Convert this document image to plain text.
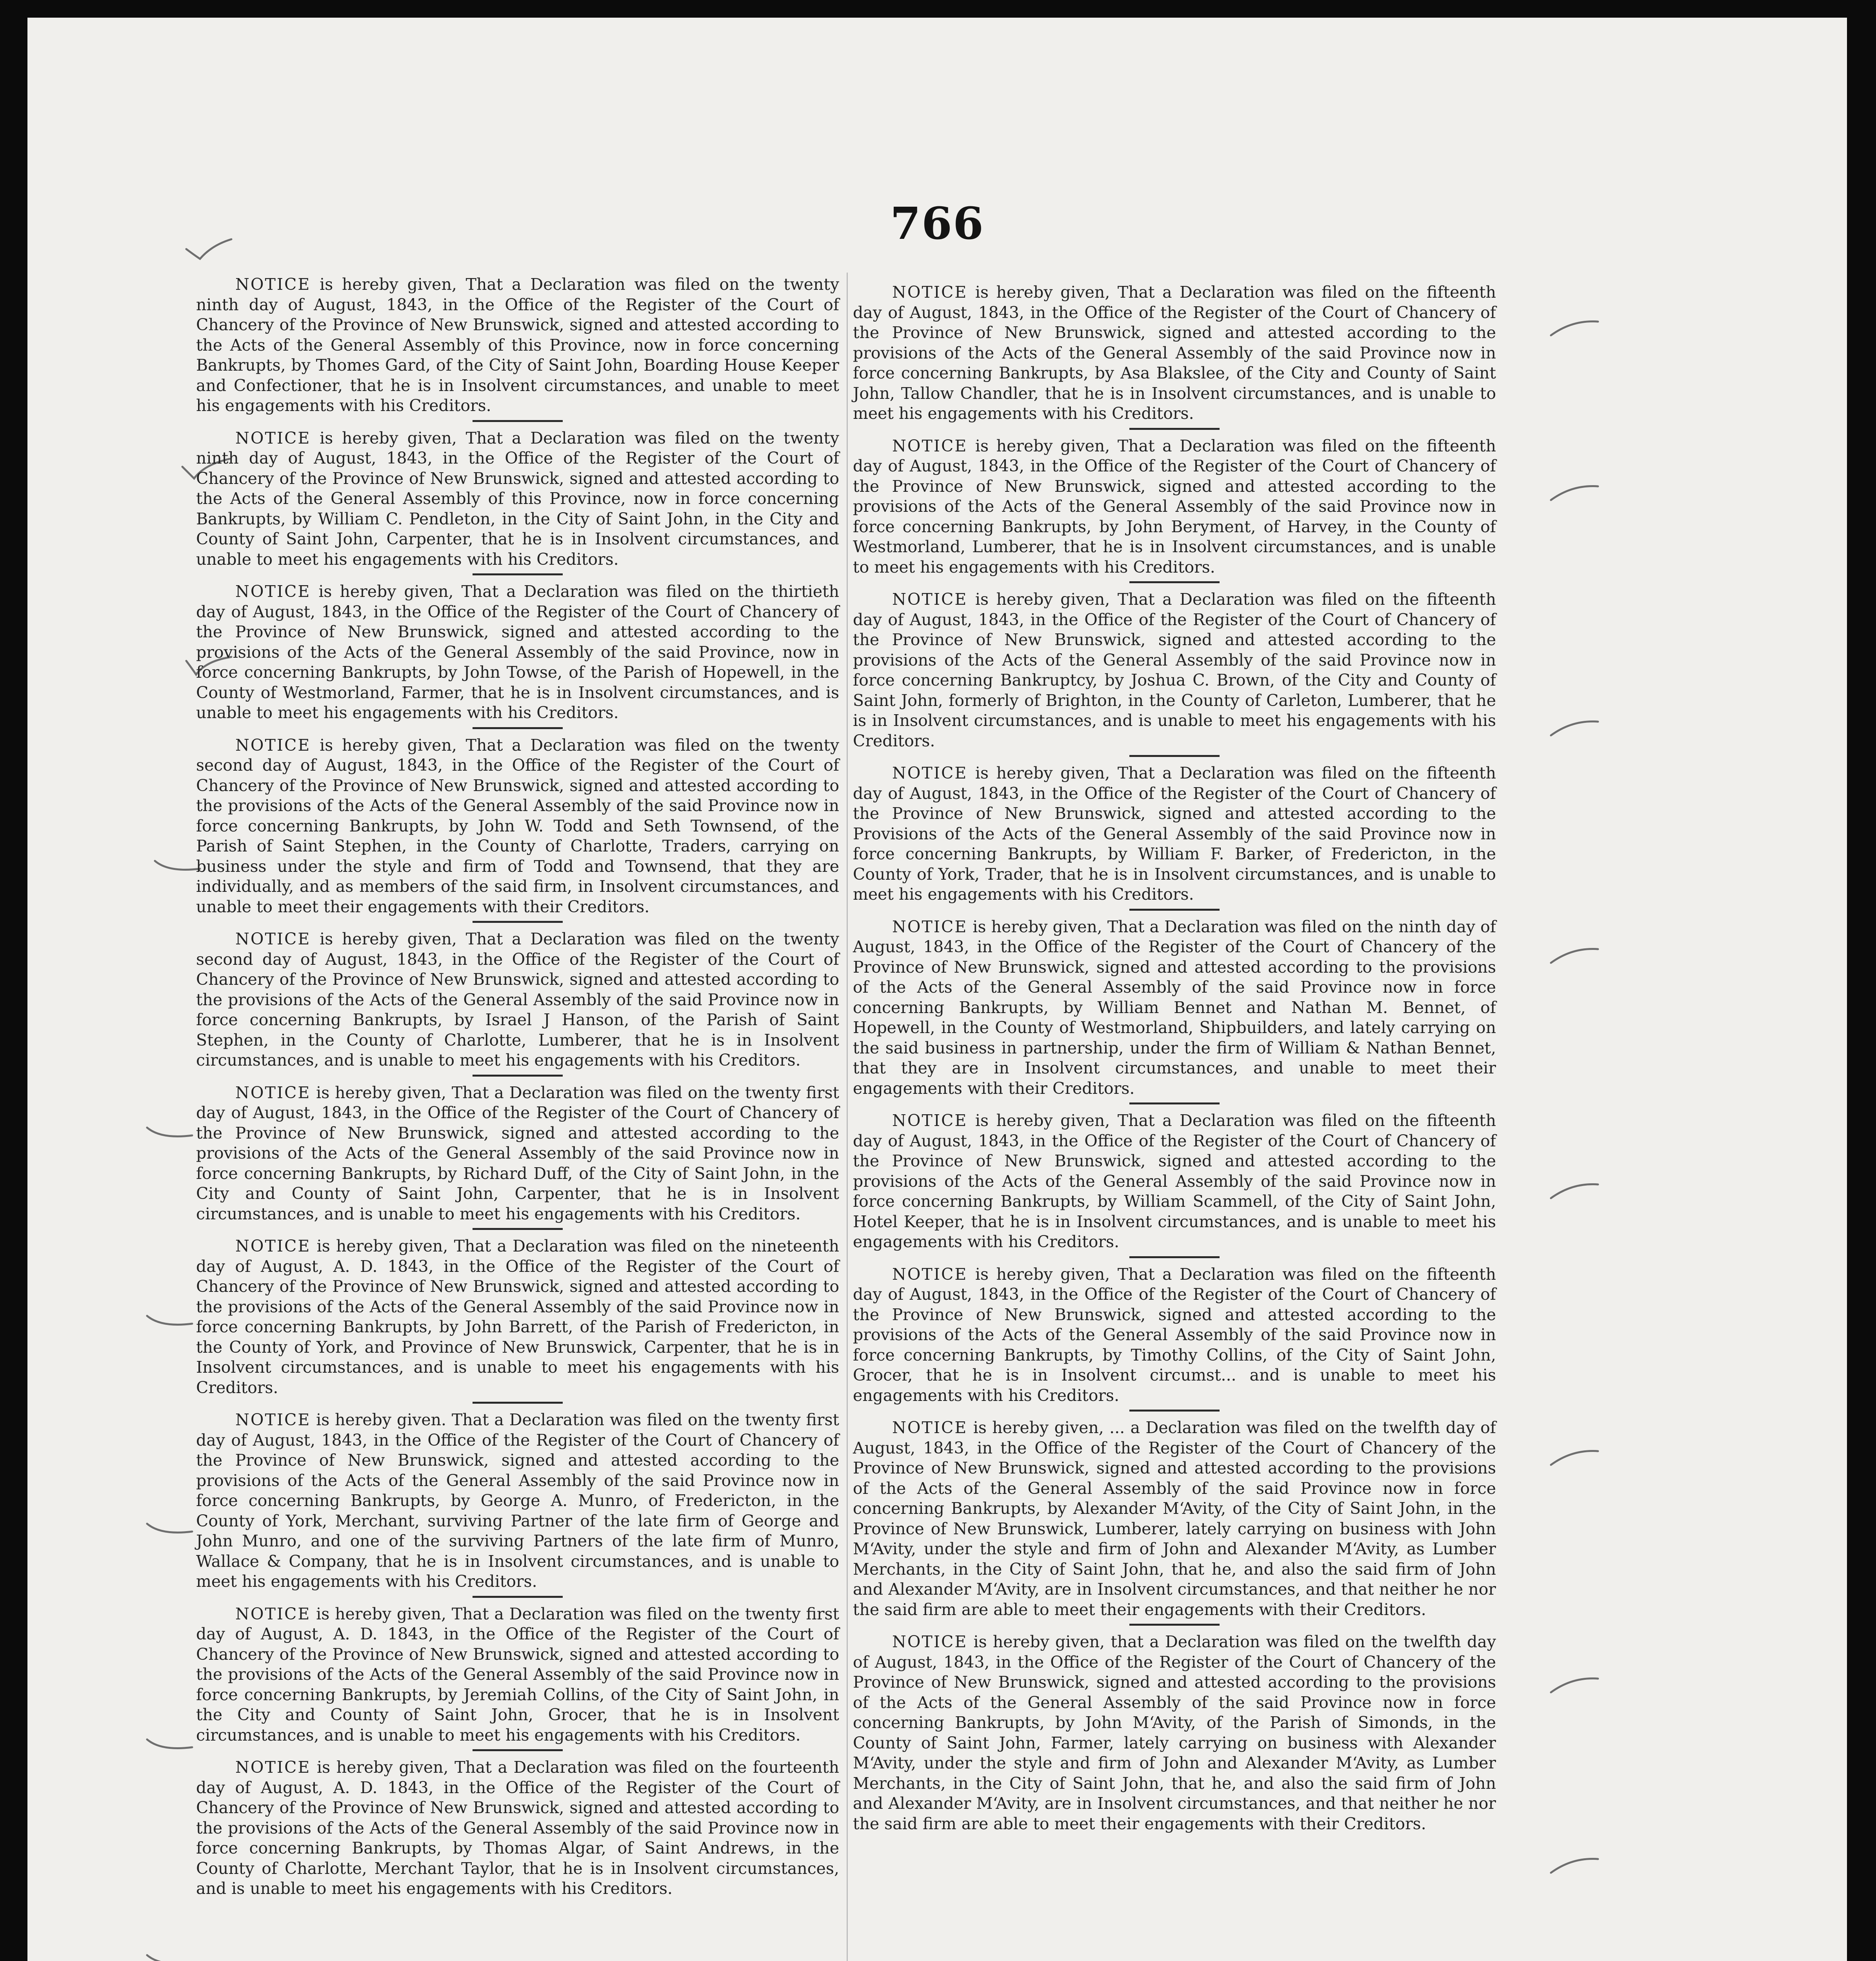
766

NOTICE is hereby given, That a Declaration was filed on the twenty ninth day of August, 1843, in the Office of the Register of the Court of Chancery of the Province of New Brunswick, signed and attested according to the Acts of the General Assembly of this Province, now in force concerning Bankrupts, by Thomes Gard, of the City of Saint John, Boarding House Keeper and Confectioner, that he is in Insolvent circumstances, and unable to meet his engagements with his Creditors.

NOTICE is hereby given, That a Declaration was filed on the twenty ninth day of August, 1843, in the Office of the Register of the Court of Chancery of the Province of New Brunswick, signed and attested according to the Acts of the General Assembly of this Province, now in force concerning Bankrupts, by William C. Pendleton, in the City of Saint John, in the City and County of Saint John, Carpenter, that he is in Insolvent circumstances, and unable to meet his engagements with his Creditors.

NOTICE is hereby given, That a Declaration was filed on the thirtieth day of August, 1843, in the Office of the Register of the Court of Chancery of the Province of New Brunswick, signed and attested according to the provisions of the Acts of the General Assembly of the said Province, now in force concerning Bankrupts, by John Towse, of the Parish of Hopewell, in the County of Westmorland, Farmer, that he is in Insolvent circumstances, and is unable to meet his engagements with his Creditors.

NOTICE is hereby given, That a Declaration was filed on the twenty second day of August, 1843, in the Office of the Register of the Court of Chancery of the Province of New Brunswick, signed and attested according to the provisions of the Acts of the General Assembly of the said Province now in force concerning Bankrupts, by John W. Todd and Seth Townsend, of the Parish of Saint Stephen, in the County of Charlotte, Traders, carrying on business under the style and firm of Todd and Townsend, that they are individually, and as members of the said firm, in Insolvent circumstances, and unable to meet their engagements with their Creditors.

NOTICE is hereby given, That a Declaration was filed on the twenty second day of August, 1843, in the Office of the Register of the Court of Chancery of the Province of New Brunswick, signed and attested according to the provisions of the Acts of the General Assembly of the said Province now in force concerning Bankrupts, by Israel J Hanson, of the Parish of Saint Stephen, in the County of Charlotte, Lumberer, that he is in Insolvent circumstances, and is unable to meet his engagements with his Creditors.

NOTICE is hereby given, That a Declaration was filed on the twenty first day of August, 1843, in the Office of the Register of the Court of Chancery of the Province of New Brunswick, signed and attested according to the provisions of the Acts of the General Assembly of the said Province now in force concerning Bankrupts, by Richard Duff, of the City of Saint John, in the City and County of Saint John, Carpenter, that he is in Insolvent circumstances, and is unable to meet his engagements with his Creditors.

NOTICE is hereby given, That a Declaration was filed on the nineteenth day of August, A. D. 1843, in the Office of the Register of the Court of Chancery of the Province of New Brunswick, signed and attested according to the provisions of the Acts of the General Assembly of the said Province now in force concerning Bankrupts, by John Barrett, of the Parish of Fredericton, in the County of York, and Province of New Brunswick, Carpenter, that he is in Insolvent circumstances, and is unable to meet his engagements with his Creditors.

NOTICE is hereby given. That a Declaration was filed on the twenty first day of August, 1843, in the Office of the Register of the Court of Chancery of the Province of New Brunswick, signed and attested according to the provisions of the Acts of the General Assembly of the said Province now in force concerning Bankrupts, by George A. Munro, of Fredericton, in the County of York, Merchant, surviving Partner of the late firm of George and John Munro, and one of the surviving Partners of the late firm of Munro, Wallace & Company, that he is in Insolvent circumstances, and is unable to meet his engagements with his Creditors.

NOTICE is hereby given, That a Declaration was filed on the twenty first day of August, A. D. 1843, in the Office of the Register of the Court of Chancery of the Province of New Brunswick, signed and attested according to the provisions of the Acts of the General Assembly of the said Province now in force concerning Bankrupts, by Jeremiah Collins, of the City of Saint John, in the City and County of Saint John, Grocer, that he is in Insolvent circumstances, and is unable to meet his engagements with his Creditors.

NOTICE is hereby given, That a Declaration was filed on the fourteenth day of August, A. D. 1843, in the Office of the Register of the Court of Chancery of the Province of New Brunswick, signed and attested according to the provisions of the Acts of the General Assembly of the said Province now in force concerning Bankrupts, by Thomas Algar, of Saint Andrews, in the County of Charlotte, Merchant Taylor, that he is in Insolvent circumstances, and is unable to meet his engagements with his Creditors.

NOTICE is hereby given, That a Declaration was filed on the fifteenth day of August, 1843, in the Office of the Register of the Court of Chancery of the Province of New Brunswick, signed and attested according to the provisions of the Acts of the General Assembly of the said Province now in force concerning Bankrupts, by Asa Blakslee, of the City and County of Saint John, Tallow Chandler, that he is in Insolvent circumstances, and is unable to meet his engagements with his Creditors.

NOTICE is hereby given, That a Declaration was filed on the fifteenth day of August, 1843, in the Office of the Register of the Court of Chancery of the Province of New Brunswick, signed and attested according to the provisions of the Acts of the General Assembly of the said Province now in force concerning Bankrupts, by John Beryment, of Harvey, in the County of Westmorland, Lumberer, that he is in Insolvent circumstances, and is unable to meet his engagements with his Creditors.

NOTICE is hereby given, That a Declaration was filed on the fifteenth day of August, 1843, in the Office of the Register of the Court of Chancery of the Province of New Brunswick, signed and attested according to the provisions of the Acts of the General Assembly of the said Province now in force concerning Bankruptcy, by Joshua C. Brown, of the City and County of Saint John, formerly of Brighton, in the County of Carleton, Lumberer, that he is in Insolvent circumstances, and is unable to meet his engagements with his Creditors.

NOTICE is hereby given, That a Declaration was filed on the fifteenth day of August, 1843, in the Office of the Register of the Court of Chancery of the Province of New Brunswick, signed and attested according to the Provisions of the Acts of the General Assembly of the said Province now in force concerning Bankrupts, by William F. Barker, of Fredericton, in the County of York, Trader, that he is in Insolvent circumstances, and is unable to meet his engagements with his Creditors.

NOTICE is hereby given, That a Declaration was filed on the ninth day of August, 1843, in the Office of the Register of the Court of Chancery of the Province of New Brunswick, signed and attested according to the provisions of the Acts of the General Assembly of the said Province now in force concerning Bankrupts, by William Bennet and Nathan M. Bennet, of Hopewell, in the County of Westmorland, Shipbuilders, and lately carrying on the said business in partnership, under the firm of William & Nathan Bennet, that they are in Insolvent circumstances, and unable to meet their engagements with their Creditors.

NOTICE is hereby given, That a Declaration was filed on the fifteenth day of August, 1843, in the Office of the Register of the Court of Chancery of the Province of New Brunswick, signed and attested according to the provisions of the Acts of the General Assembly of the said Province now in force concerning Bankrupts, by William Scammell, of the City of Saint John, Hotel Keeper, that he is in Insolvent circumstances, and is unable to meet his engagements with his Creditors.

NOTICE is hereby given, That a Declaration was filed on the fifteenth day of August, 1843, in the Office of the Register of the Court of Chancery of the Province of New Brunswick, signed and attested according to the provisions of the Acts of the General Assembly of the said Province now in force concerning Bankrupts, by Timothy Collins, of the City of Saint John, Grocer, that he is in Insolvent circumst... and is unable to meet his engagements with his Creditors.

NOTICE is hereby given, ... a Declaration was filed on the twelfth day of August, 1843, in the Office of the Register of the Court of Chancery of the Province of New Brunswick, signed and attested according to the provisions of the Acts of the General Assembly of the said Province now in force concerning Bankrupts, by Alexander M‘Avity, of the City of Saint John, in the Province of New Brunswick, Lumberer, lately carrying on business with John M‘Avity, under the style and firm of John and Alexander M‘Avity, as Lumber Merchants, in the City of Saint John, that he, and also the said firm of John and Alexander M‘Avity, are in Insolvent circumstances, and that neither he nor the said firm are able to meet their engagements with their Creditors.

NOTICE is hereby given, that a Declaration was filed on the twelfth day of August, 1843, in the Office of the Register of the Court of Chancery of the Province of New Brunswick, signed and attested according to the provisions of the Acts of the General Assembly of the said Province now in force concerning Bankrupts, by John M‘Avity, of the Parish of Simonds, in the County of Saint John, Farmer, lately carrying on business with Alexander M‘Avity, under the style and firm of John and Alexander M‘Avity, as Lumber Merchants, in the City of Saint John, that he, and also the said firm of John and Alexander M‘Avity, are in Insolvent circumstances, and that neither he nor the said firm are able to meet their engagements with their Creditors.
